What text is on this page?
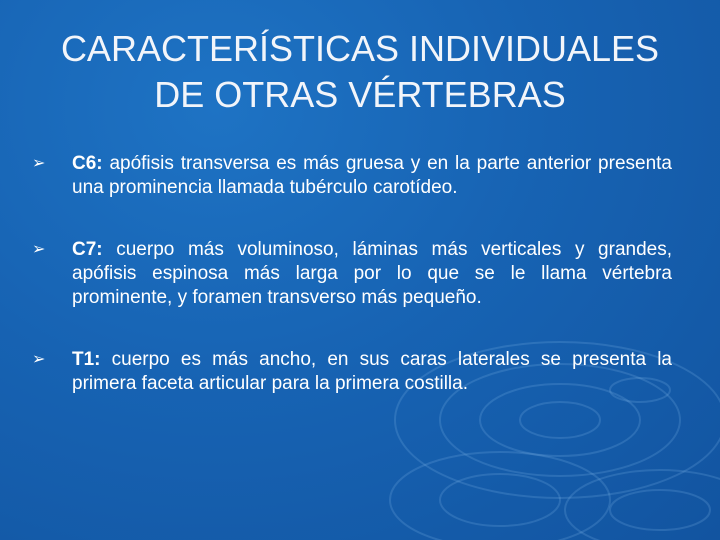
CARACTERÍSTICAS INDIVIDUALES
DE OTRAS VÉRTEBRAS
➢	C6: apófisis transversa es más gruesa y en la parte anterior presenta una prominencia llamada tubérculo carotídeo.
➢	C7: cuerpo más voluminoso, láminas más verticales y grandes, apófisis espinosa más larga por lo que se le llama vértebra prominente, y foramen transverso más pequeño.
➢	T1: cuerpo es más ancho, en sus caras laterales se presenta la primera faceta articular para la primera costilla.
